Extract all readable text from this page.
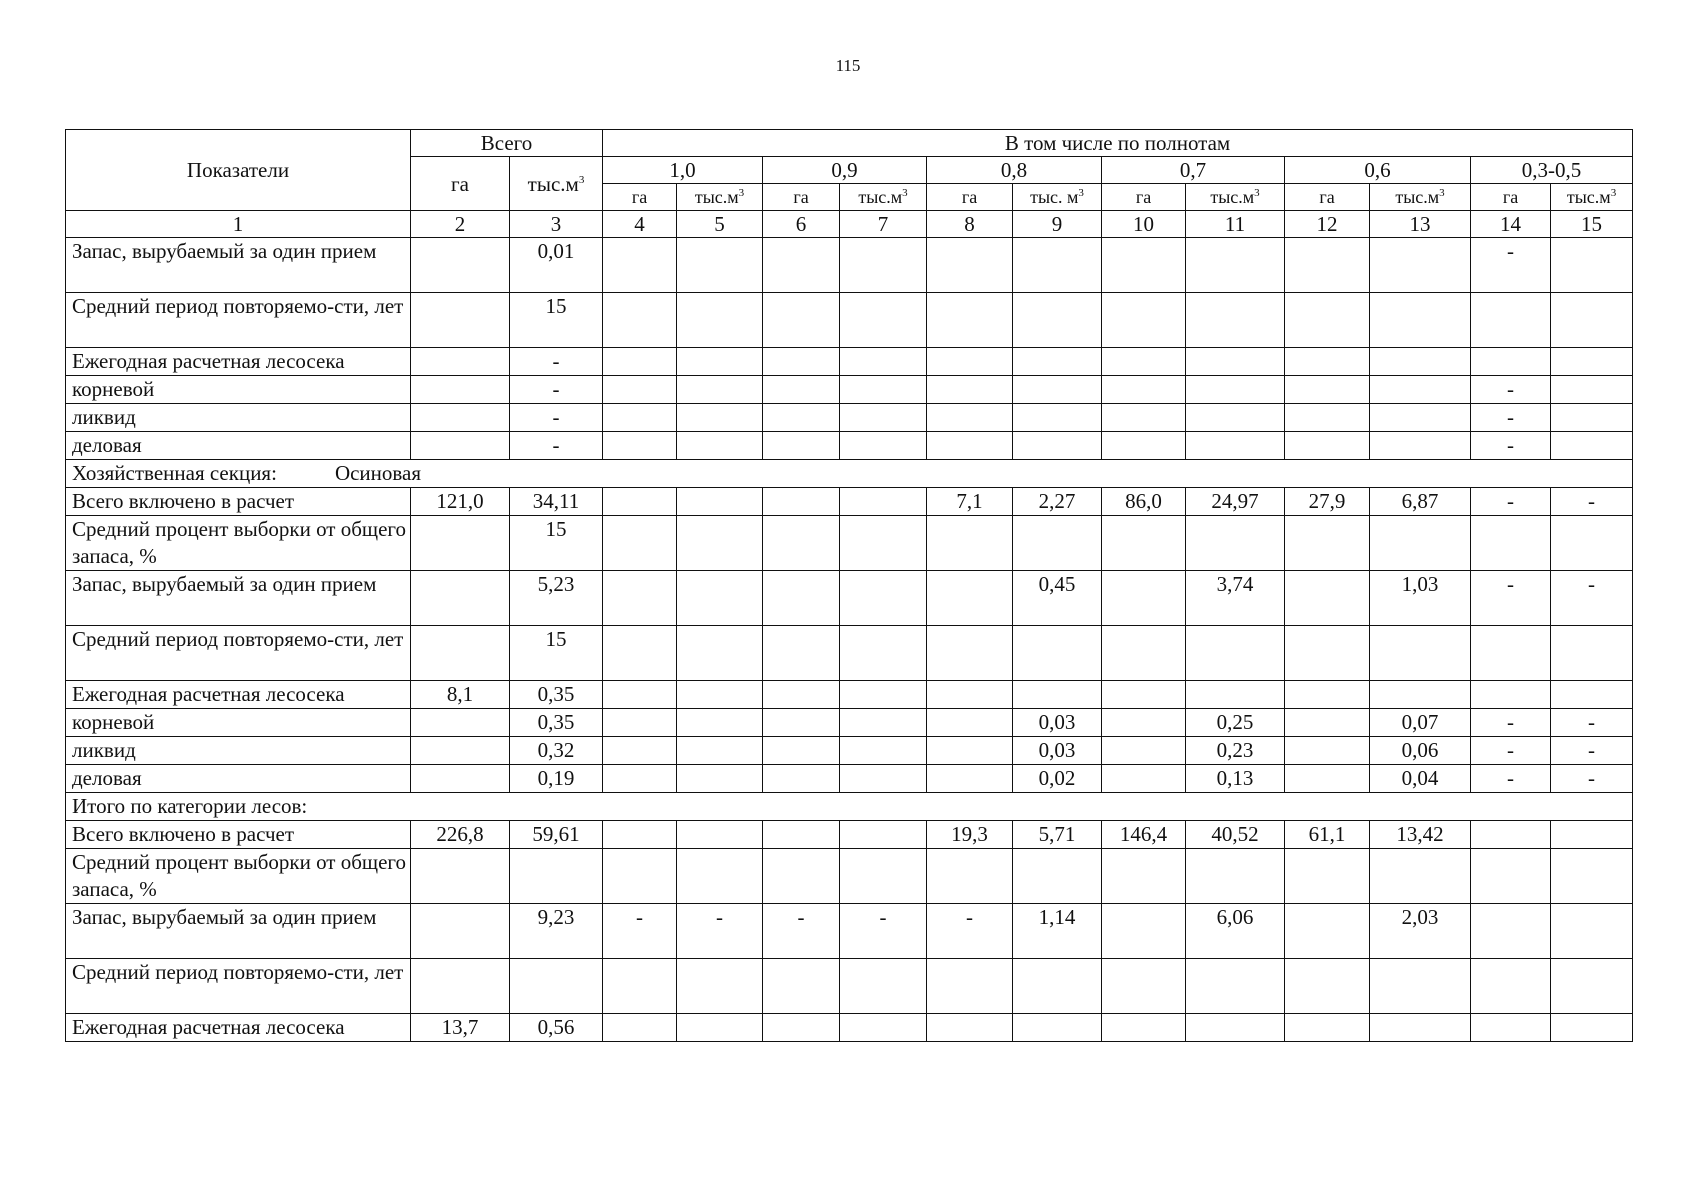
115
Показатели	Всего		В том числе по полнотам											
	га	$тыс.м^3$	1,0		0,9		0,8		0,7		0,6		0,3-0,5	
			га	$тыс.м^3$	га	$тыс.м^3$	га	тыс. $м^3$	га	$тыс.м^3$	га	$тыс.м^3$	га	$тыс.м^3$
1	2	3	4	5	6	7	8	9	10	11	12	13	14	15
Запас, вырубаемый за один прием		0,01											-	
Средний период повторяемо-сти, лет		15												
Ежегодная расчетная лесосека		-												
корневой		-											-	
ликвид		-											-	
деловая		-											-	
Хозяйственная секция: Осиновая														
Всего включено в расчет	121,0	34,11					7,1	2,27	86,0	24,97	27,9	6,87	-	-
Средний процент выборки от общего запаса, %		15												
Запас, вырубаемый за один прием		5,23						0,45		3,74		1,03	-	-
Средний период повторяемо-сти, лет		15												
Ежегодная расчетная лесосека	8,1	0,35												
корневой		0,35						0,03		0,25		0,07	-	-
ликвид		0,32						0,03		0,23		0,06	-	-
деловая		0,19						0,02		0,13		0,04	-	-
Итого по категории лесов:														
Всего включено в расчет	226,8	59,61					19,3	5,71	146,4	40,52	61,1	13,42		
Средний процент выборки от общего запаса, %														
Запас, вырубаемый за один прием		9,23	-	-	-	-	-	1,14		6,06		2,03		
Средний период повторяемо-сти, лет														
Ежегодная расчетная лесосека	13,7	0,56												
